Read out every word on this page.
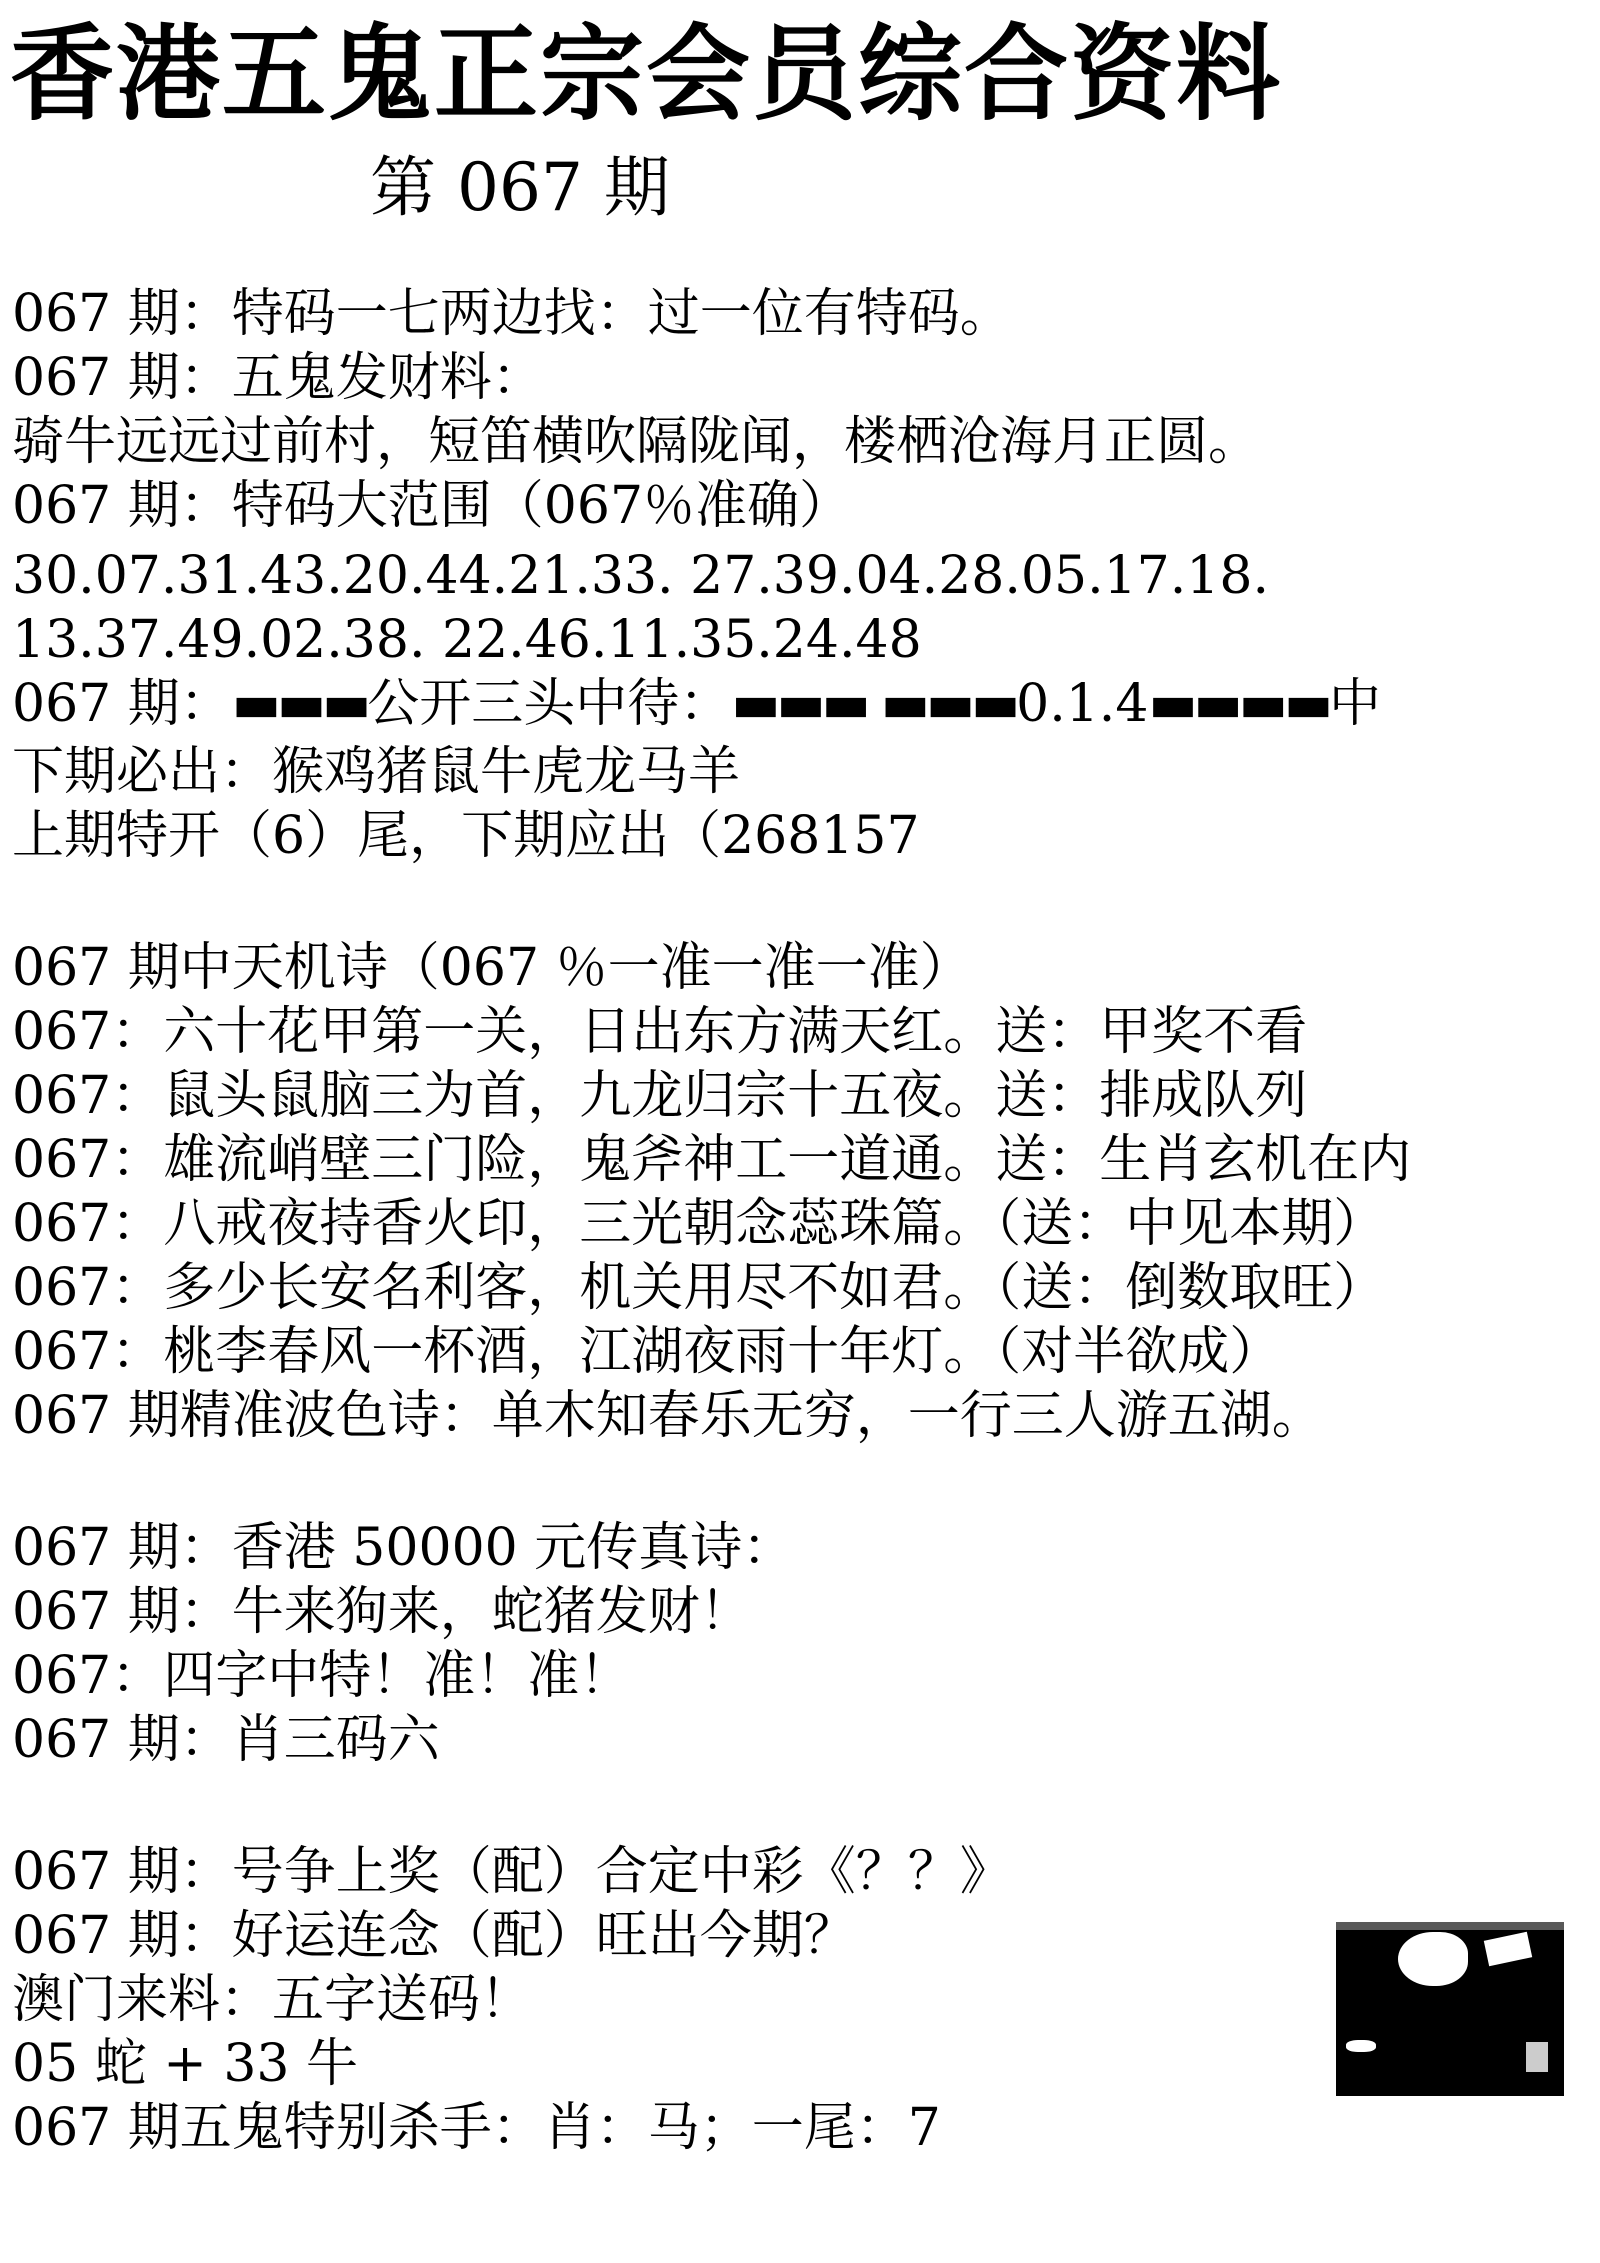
香港五鬼正宗会员综合资料
第 067 期
067 期：特码一七两边找：过一位有特码。
067 期：五鬼发财料：
骑牛远远过前村，短笛横吹隔陇闻，楼栖沧海月正圆。
067 期：特码大范围（067％准确）
30.07.31.43.20.44.21.33. 27.39.04.28.05.17.18.
13.37.49.02.38. 22.46.11.35.24.48
067 期：▬▬▬公开三头中待：▬▬▬ ▬▬▬0.1.4▬▬▬▬中
下期必出：猴鸡猪鼠牛虎龙马羊
上期特开（6）尾，下期应出（268157
067 期中天机诗（067 ％一准一准一准）
067：六十花甲第一关，日出东方满天红。送：甲奖不看
067：鼠头鼠脑三为首，九龙归宗十五夜。送：排成队列
067：雄流峭壁三门险，鬼斧神工一道通。送：生肖玄机在内
067：八戒夜持香火印，三光朝念蕊珠篇。（送：中见本期）
067：多少长安名利客，机关用尽不如君。（送：倒数取旺）
067：桃李春风一杯酒，江湖夜雨十年灯。（对半欲成）
067 期精准波色诗：单木知春乐无穷，一行三人游五湖。
067 期：香港 50000 元传真诗：
067 期：牛来狗来，蛇猪发财！
067：四字中特！准！准！
067 期：肖三码六
067 期：号争上奖（配）合定中彩《？？》
067 期：好运连念（配）旺出今期？
澳门来料：五字送码！
05 蛇 + 33 牛
067 期五鬼特别杀手：肖：马；一尾：7
